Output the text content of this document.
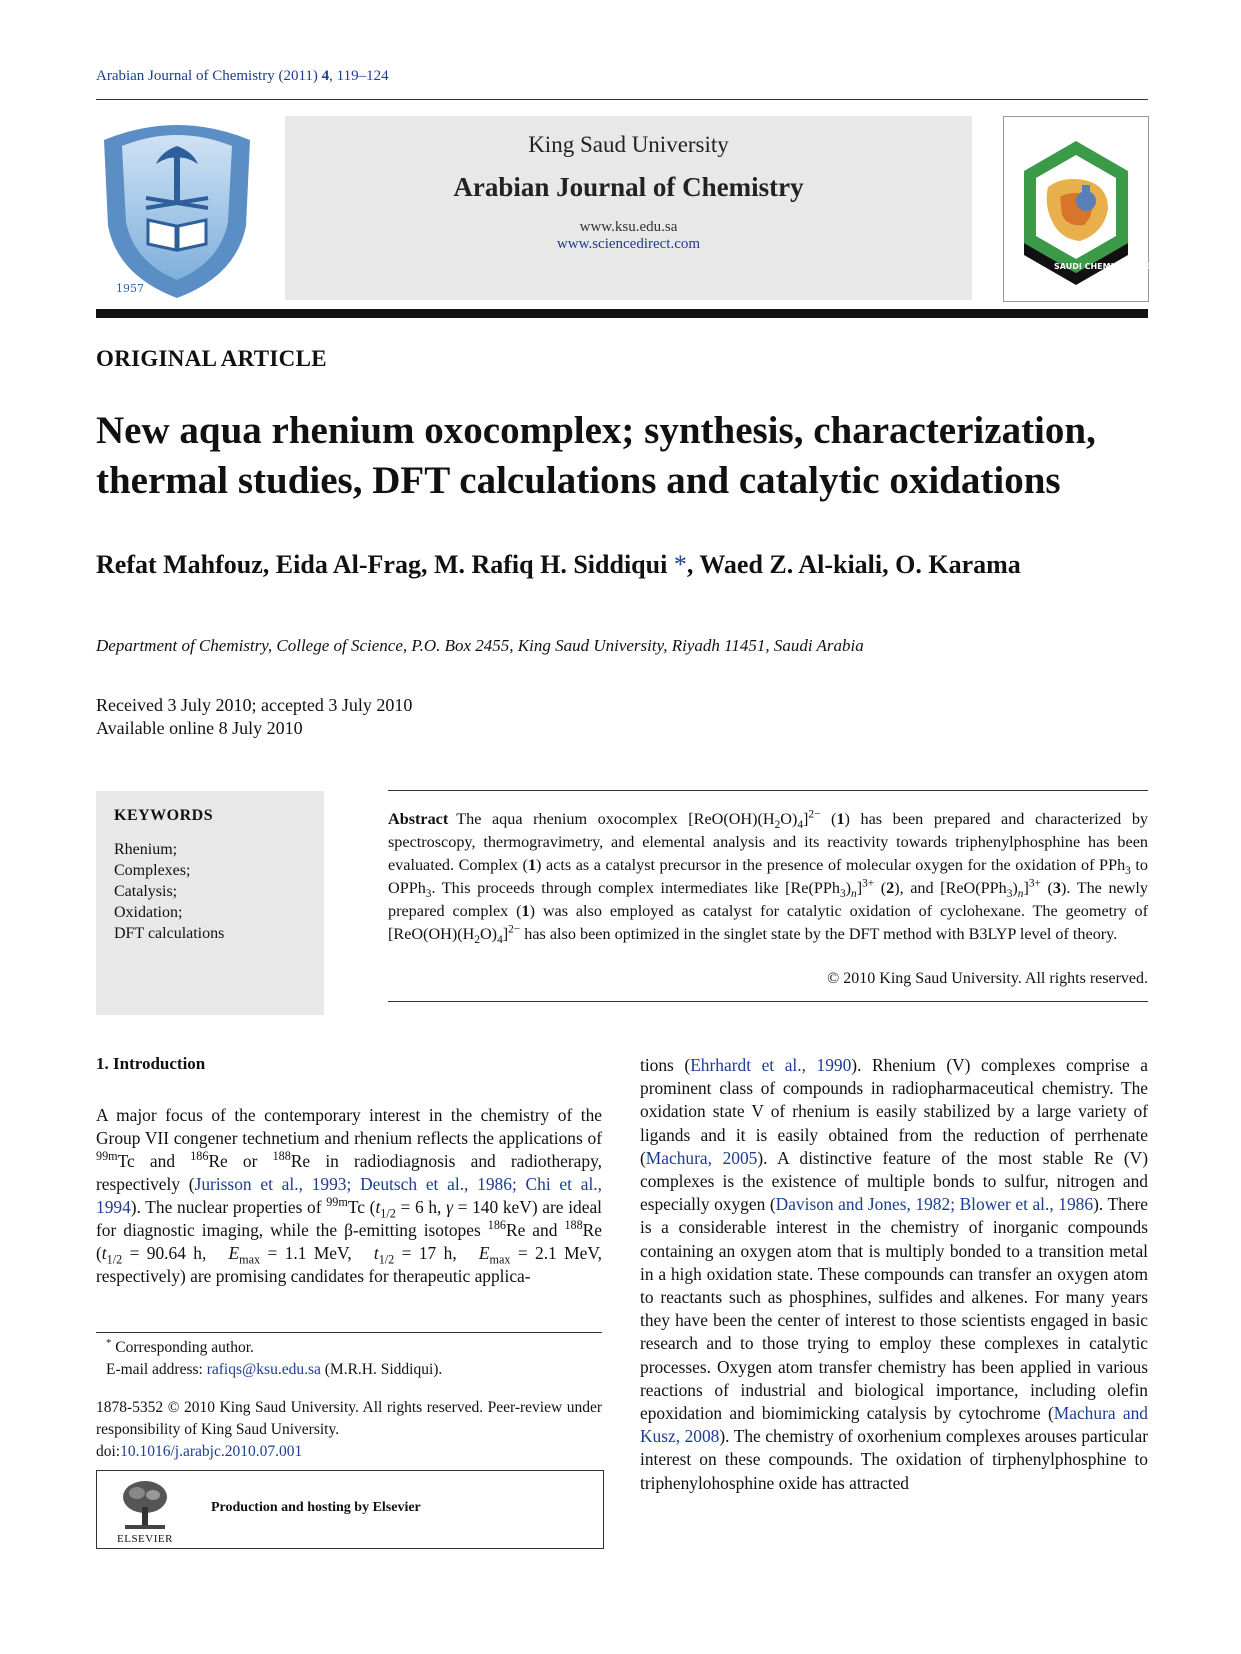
Arabian Journal of Chemistry (2011) 4, 119–124
1957
King Saud University
Arabian Journal of Chemistry
www.ksu.edu.sa
www.sciencedirect.com
SAUDI CHEMICAL SOCIETY
ORIGINAL ARTICLE
New aqua rhenium oxocomplex; synthesis, characterization,
thermal studies, DFT calculations and catalytic oxidations
Refat Mahfouz, Eida Al-Frag, M. Rafiq H. Siddiqui *, Waed Z. Al-kiali, O. Karama
Department of Chemistry, College of Science, P.O. Box 2455, King Saud University, Riyadh 11451, Saudi Arabia
Received 3 July 2010; accepted 3 July 2010
Available online 8 July 2010
KEYWORDS
Rhenium;
Complexes;
Catalysis;
Oxidation;
DFT calculations
Abstract The aqua rhenium oxocomplex $[ReO(OH)(H_2O)_4]^{2-}$ (1) has been prepared and characterized by spectroscopy, thermogravimetry, and elemental analysis and its reactivity towards triphenylphosphine has been evaluated. Complex (1) acts as a catalyst precursor in the presence of molecular oxygen for the oxidation of PPh$_3$ to OPPh$_3$. This proceeds through complex intermediates like $[Re(PPh_3)_n]^{3+}$ (2), and $[ReO(PPh_3)_n]^{3+}$ (3). The newly prepared complex (1) was also employed as catalyst for catalytic oxidation of cyclohexane. The geometry of $[ReO(OH)(H_2O)_4]^{2-}$ has also been optimized in the singlet state by the DFT method with B3LYP level of theory.
© 2010 King Saud University. All rights reserved.
1. Introduction
A major focus of the contemporary interest in the chemistry of the Group VII congener technetium and rhenium reflects the applications of $^{99m}$Tc and $^{186}$Re or $^{188}$Re in radiodiagnosis and radiotherapy, respectively (Jurisson et al., 1993; Deutsch et al., 1986; Chi et al., 1994). The nuclear properties of $^{99m}$Tc ($t_{1/2} = 6$ h, γ = 140 keV) are ideal for diagnostic imaging, while the β-emitting isotopes $^{186}$Re and $^{188}$Re ($t_{1/2} = 90.64$ h,   $E_{max} = 1.1$ MeV,   $t_{1/2} = 17$ h,   $E_{max} = 2.1$ MeV, respectively) are promising candidates for therapeutic applica-
tions (Ehrhardt et al., 1990). Rhenium (V) complexes comprise a prominent class of compounds in radiopharmaceutical chemistry. The oxidation state V of rhenium is easily stabilized by a large variety of ligands and it is easily obtained from the reduction of perrhenate (Machura, 2005). A distinctive feature of the most stable Re (V) complexes is the existence of multiple bonds to sulfur, nitrogen and especially oxygen (Davison and Jones, 1982; Blower et al., 1986). There is a considerable interest in the chemistry of inorganic compounds containing an oxygen atom that is multiply bonded to a transition metal in a high oxidation state. These compounds can transfer an oxygen atom to reactants such as phosphines, sulfides and alkenes. For many years they have been the center of interest to those scientists engaged in basic research and to those trying to employ these complexes in catalytic processes. Oxygen atom transfer chemistry has been applied in various reactions of industrial and biological importance, including olefin epoxidation and biomimicking catalysis by cytochrome (Machura and Kusz, 2008). The chemistry of oxorhenium complexes arouses particular interest on these compounds. The oxidation of tirphenylphosphine to triphenylohosphine oxide has attracted
* Corresponding author.
E-mail address: rafiqs@ksu.edu.sa (M.R.H. Siddiqui).
1878-5352 © 2010 King Saud University. All rights reserved. Peer-review under responsibility of King Saud University.
doi:10.1016/j.arabjc.2010.07.001
ELSEVIER
Production and hosting by Elsevier
